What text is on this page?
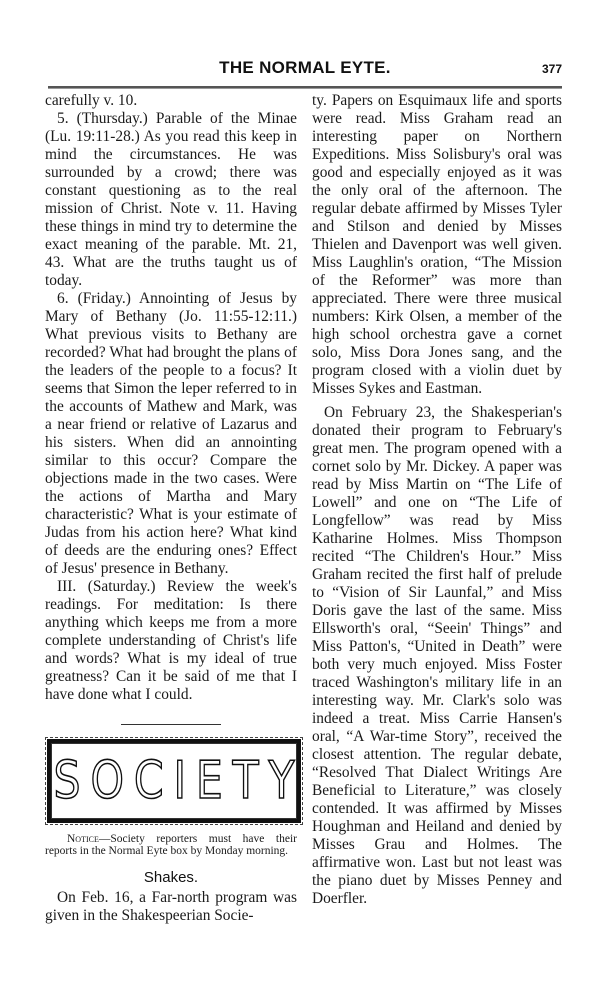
THE NORMAL EYTE.	377

carefully v. 10.

5. (Thursday.) Parable of the Minae (Lu. 19:11-28.) As you read this keep in mind the circumstances. He was surrounded by a crowd; there was constant questioning as to the real mission of Christ. Note v. 11. Having these things in mind try to determine the exact meaning of the parable. Mt. 21, 43. What are the truths taught us of today.

6. (Friday.) Annointing of Jesus by Mary of Bethany (Jo. 11:55-12:11.) What previous visits to Bethany are recorded? What had brought the plans of the leaders of the people to a focus? It seems that Simon the leper referred to in the accounts of Mathew and Mark, was a near friend or relative of Lazarus and his sisters. When did an annointing similar to this occur? Compare the objections made in the two cases. Were the actions of Martha and Mary characteristic? What is your estimate of Judas from his action here? What kind of deeds are the enduring ones? Effect of Jesus' presence in Bethany.

III. (Saturday.) Review the week's readings. For meditation: Is there anything which keeps me from a more complete understanding of Christ's life and words? What is my ideal of true greatness? Can it be said of me that I have done what I could.

SOCIETY
Notice—Society reporters must have their reports in the Normal Eyte box by Monday morning.
Shakes.

On Feb. 16, a Far-north program was given in the Shakespeerian Socie-

ty. Papers on Esquimaux life and sports were read. Miss Graham read an interesting paper on Northern Expeditions. Miss Solisbury's oral was good and especially enjoyed as it was the only oral of the afternoon. The regular debate affirmed by Misses Tyler and Stilson and denied by Misses Thielen and Davenport was well given. Miss Laughlin's oration, “The Mission of the Reformer” was more than appreciated. There were three musical numbers: Kirk Olsen, a member of the high school orchestra gave a cornet solo, Miss Dora Jones sang, and the program closed with a violin duet by Misses Sykes and Eastman.

On February 23, the Shakesperian's donated their program to February's great men. The program opened with a cornet solo by Mr. Dickey. A paper was read by Miss Martin on “The Life of Lowell” and one on “The Life of Longfellow” was read by Miss Katharine Holmes. Miss Thompson recited “The Children's Hour.” Miss Graham recited the first half of prelude to “Vision of Sir Launfal,” and Miss Doris gave the last of the same. Miss Ellsworth's oral, “Seein' Things” and Miss Patton's, “United in Death” were both very much enjoyed. Miss Foster traced Washington's military life in an interesting way. Mr. Clark's solo was indeed a treat. Miss Carrie Hansen's oral, “A War-time Story”, received the closest attention. The regular debate, “Resolved That Dialect Writings Are Beneficial to Literature,” was closely contended. It was affirmed by Misses Houghman and Heiland and denied by Misses Grau and Holmes. The affirmative won. Last but not least was the piano duet by Misses Penney and Doerfler.
